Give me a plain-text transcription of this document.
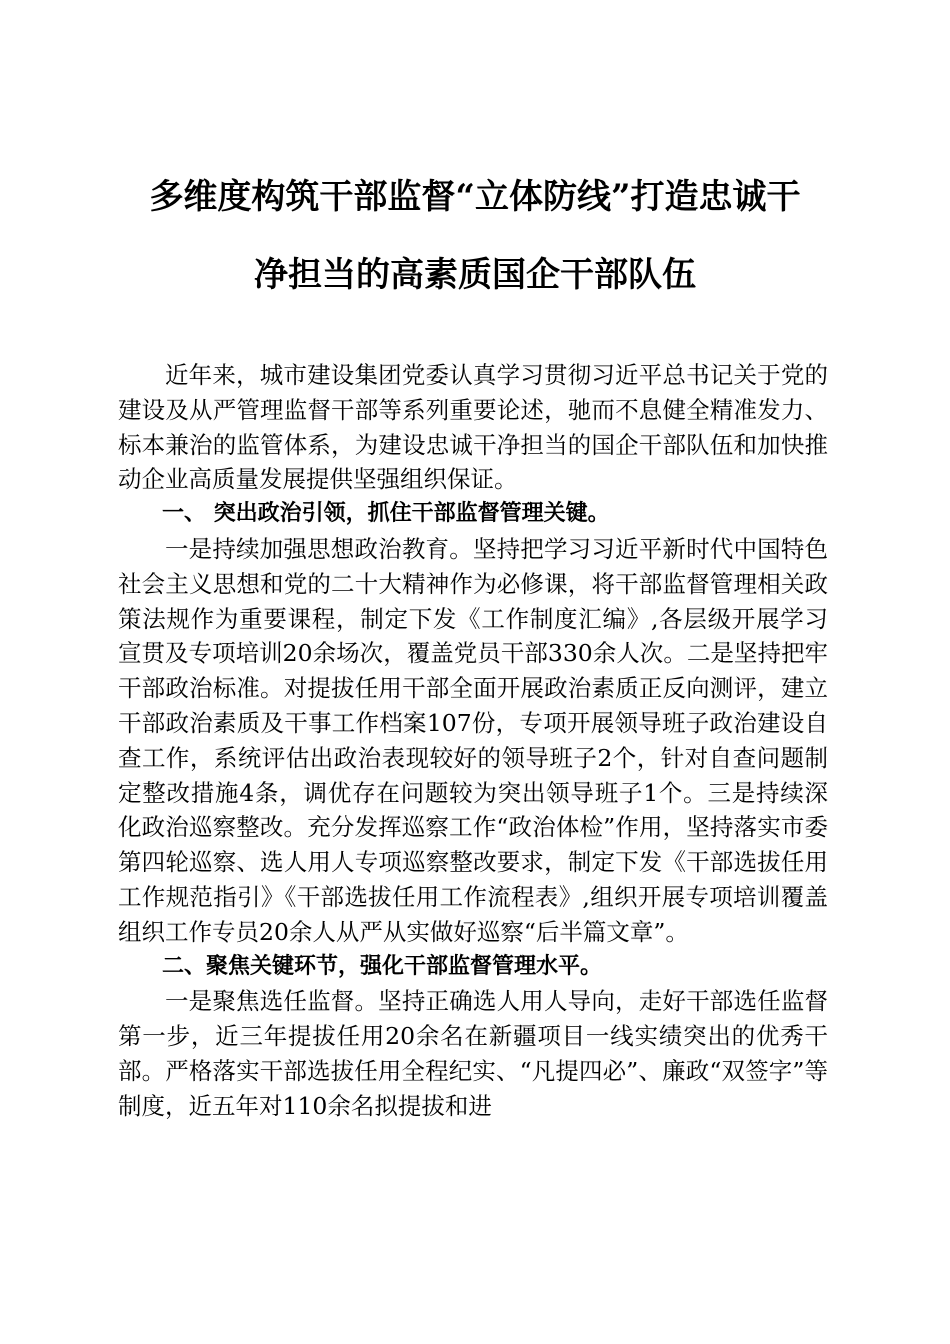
多维度构筑干部监督“立体防线”打造忠诚干
净担当的高素质国企干部队伍

近年来，城市建设集团党委认真学习贯彻习近平总书记关于党的建设及从严管理监督干部等系列重要论述，驰而不息健全精准发力、标本兼治的监管体系，为建设忠诚干净担当的国企干部队伍和加快推动企业高质量发展提供坚强组织保证。

一、 突出政治引领，抓住干部监督管理关键。

一是持续加强思想政治教育。坚持把学习习近平新时代中国特色社会主义思想和党的二十大精神作为必修课，将干部监督管理相关政策法规作为重要课程，制定下发《工作制度汇编》,各层级开展学习宣贯及专项培训20余场次，覆盖党员干部330余人次。二是坚持把牢干部政治标准。对提拔任用干部全面开展政治素质正反向测评，建立干部政治素质及干事工作档案107份，专项开展领导班子政治建设自查工作，系统评估出政治表现较好的领导班子2个，针对自查问题制定整改措施4条，调优存在问题较为突出领导班子1个。三是持续深化政治巡察整改。充分发挥巡察工作“政治体检”作用，坚持落实市委第四轮巡察、选人用人专项巡察整改要求，制定下发《干部选拔任用工作规范指引》《干部选拔任用工作流程表》,组织开展专项培训覆盖组织工作专员20余人从严从实做好巡察“后半篇文章”。

二、聚焦关键环节，强化干部监督管理水平。

一是聚焦选任监督。坚持正确选人用人导向，走好干部选任监督第一步，近三年提拔任用20余名在新疆项目一线实绩突出的优秀干部。严格落实干部选拔任用全程纪实、“凡提四必”、廉政“双签字”等制度，近五年对110余名拟提拔和进
